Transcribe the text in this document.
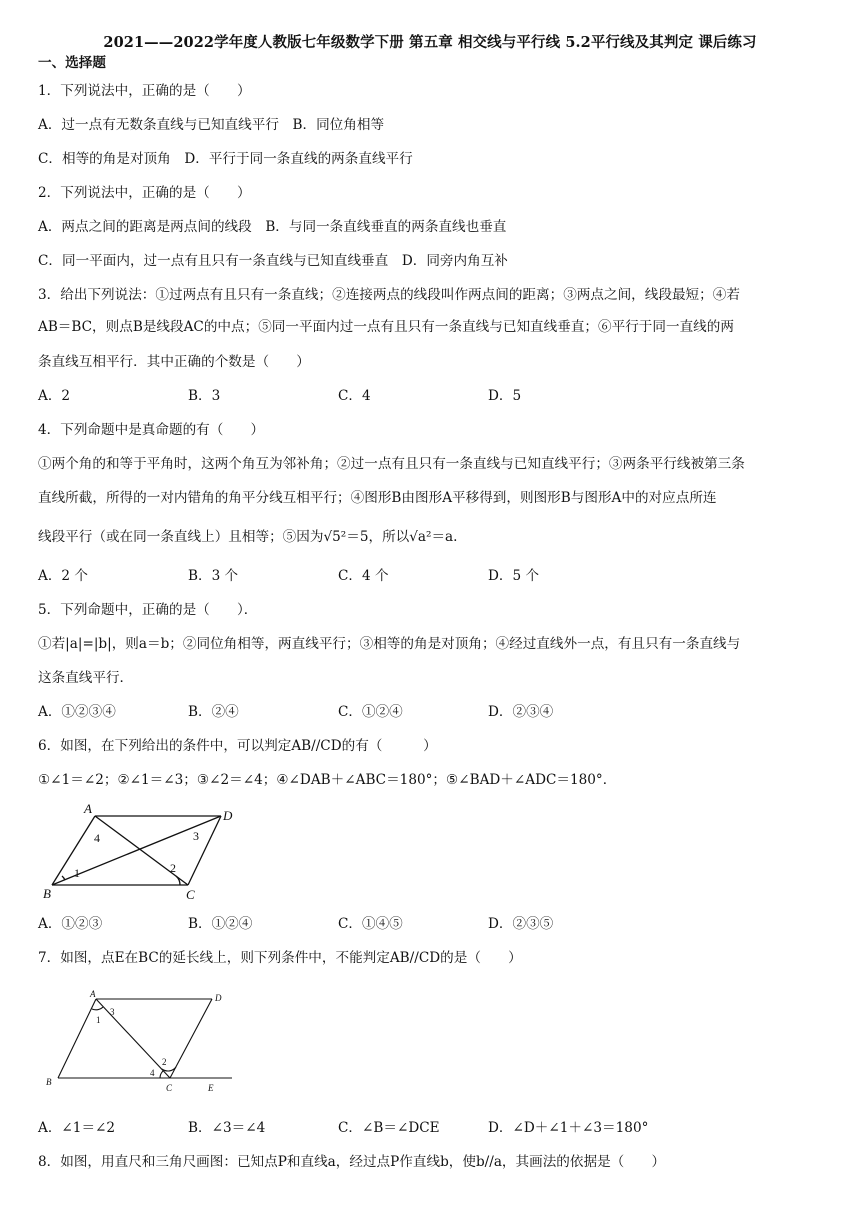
2021——2022学年度人教版七年级数学下册 第五章 相交线与平行线 5.2平行线及其判定 课后练习
一、选择题
1．下列说法中，正确的是（　　）
A．过一点有无数条直线与已知直线平行　B．同位角相等
C．相等的角是对顶角　D．平行于同一条直线的两条直线平行
2．下列说法中，正确的是（　　）
A．两点之间的距离是两点间的线段　B．与同一条直线垂直的两条直线也垂直
C．同一平面内，过一点有且只有一条直线与已知直线垂直　D．同旁内角互补
3．给出下列说法：①过两点有且只有一条直线；②连接两点的线段叫作两点间的距离；③两点之间，线段最短；④若
AB＝BC，则点B是线段AC的中点；⑤同一平面内过一点有且只有一条直线与已知直线垂直；⑥平行于同一直线的两
条直线互相平行．其中正确的个数是（　　）
A．2	B．3	C．4	D．5
4．下列命题中是真命题的有（　　）
①两个角的和等于平角时，这两个角互为邻补角；②过一点有且只有一条直线与已知直线平行；③两条平行线被第三条
直线所截，所得的一对内错角的角平分线互相平行；④图形B由图形A平移得到，则图形B与图形A中的对应点所连
线段平行（或在同一条直线上）且相等；⑤因为√5²＝5，所以√a²＝a.
A．2 个	B．3 个	C．4 个	D．5 个
5．下列命题中，正确的是（　　）．
①若|a|=|b|，则a＝b；②同位角相等，两直线平行；③相等的角是对顶角；④经过直线外一点，有且只有一条直线与
这条直线平行．
A．①②③④	B．②④	C．①②④	D．②③④
6．如图，在下列给出的条件中，可以判定AB//CD的有（　　　）
①∠1＝∠2；②∠1＝∠3；③∠2＝∠4；④∠DAB＋∠ABC＝180°；⑤∠BAD＋∠ADC＝180°．
A	D
B	C
1	2
3
4
A．①②③	B．①②④	C．①④⑤	D．②③⑤
7．如图，点E在BC的延长线上，则下列条件中，不能判定AB//CD的是（　　）
A	D
B
C	E
1
2
3
4
A．∠1＝∠2	B．∠3＝∠4	C．∠B＝∠DCE	D．∠D＋∠1＋∠3＝180°
8．如图，用直尺和三角尺画图：已知点P和直线a，经过点P作直线b，使b//a，其画法的依据是（　　）
